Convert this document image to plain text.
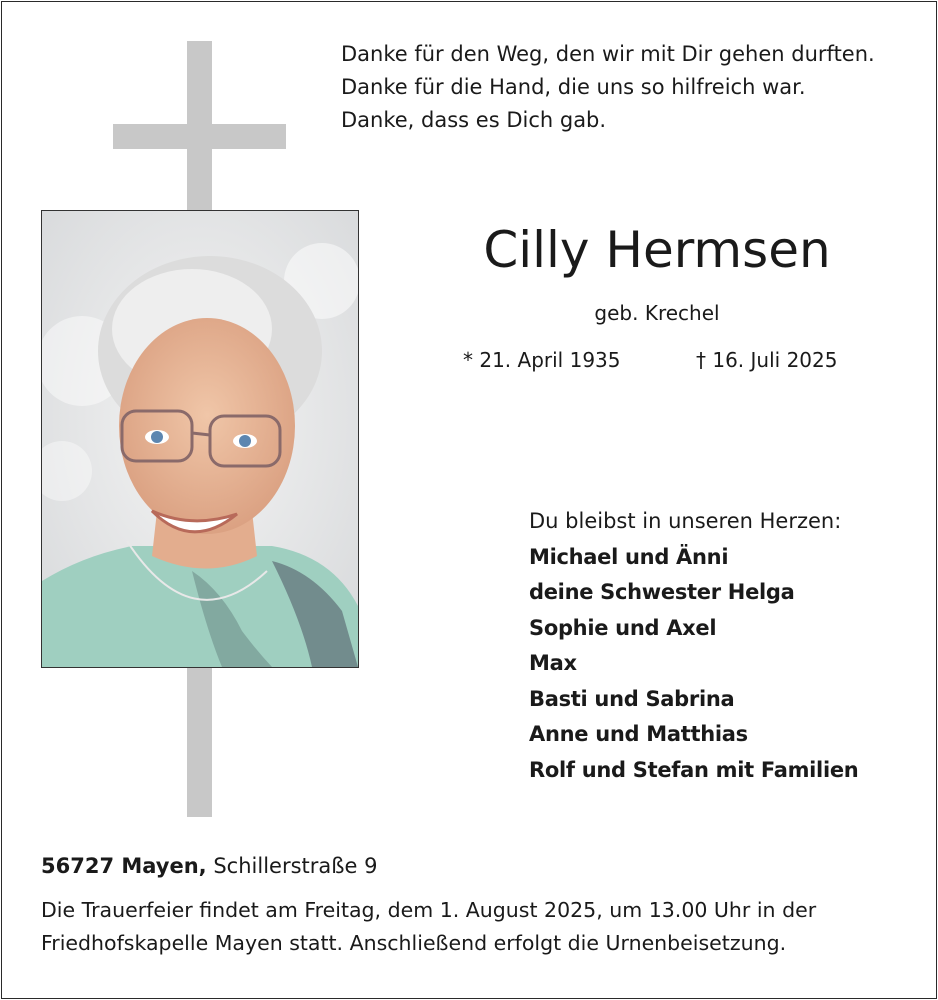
Danke für den Weg, den wir mit Dir gehen durften.
Danke für die Hand, die uns so hilfreich war.
Danke, dass es Dich gab.
Cilly Hermsen
geb. Krechel
* 21. April 1935	† 16. Juli 2025
Du bleibst in unseren Herzen:
Michael und Änni
deine Schwester Helga
Sophie und Axel
Max
Basti und Sabrina
Anne und Matthias
Rolf und Stefan mit Familien
56727 Mayen, Schillerstraße 9
Die Trauerfeier findet am Freitag, dem 1. August 2025, um 13.00 Uhr in der
Friedhofskapelle Mayen statt. Anschließend erfolgt die Urnenbeisetzung.
